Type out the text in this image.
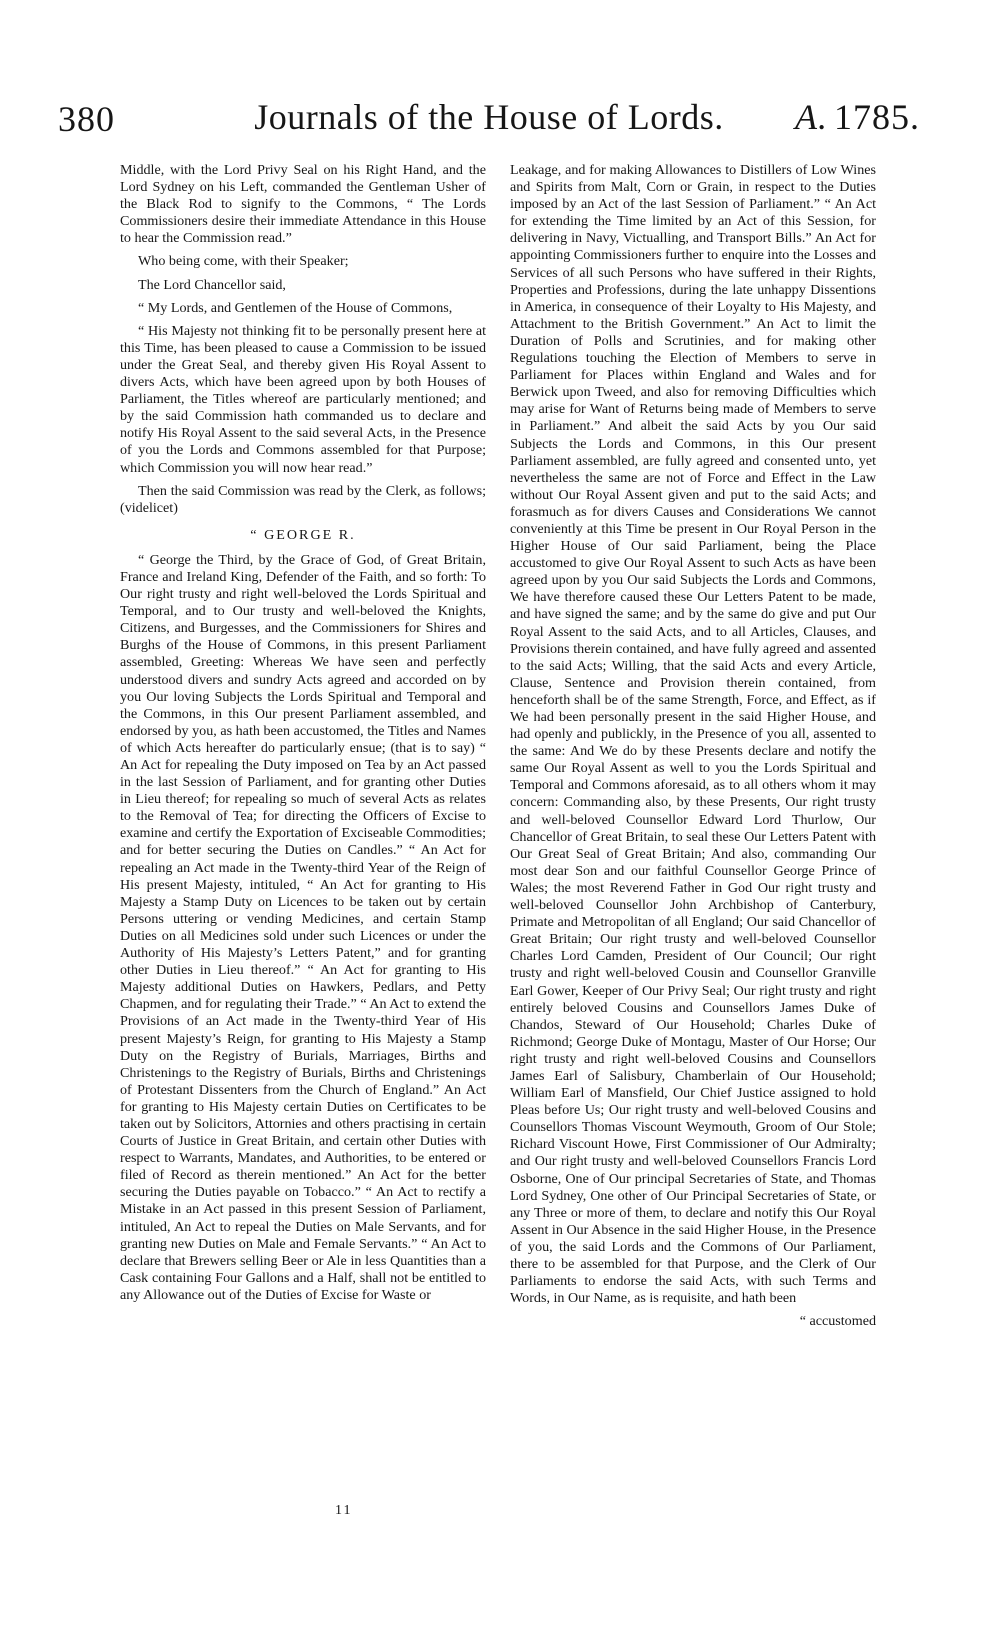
380	Journals of the House of Lords.	A. 1785.

Middle, with the Lord Privy Seal on his Right Hand, and the Lord Sydney on his Left, commanded the Gentleman Usher of the Black Rod to signify to the Commons, “ The Lords Commissioners desire their immediate Attendance in this House to hear the Commission read.”

Who being come, with their Speaker;

The Lord Chancellor said,

“ My Lords, and Gentlemen of the House of Commons,

“ His Majesty not thinking fit to be personally present here at this Time, has been pleased to cause a Commission to be issued under the Great Seal, and thereby given His Royal Assent to divers Acts, which have been agreed upon by both Houses of Parliament, the Titles whereof are particularly mentioned; and by the said Commission hath commanded us to declare and notify His Royal Assent to the said several Acts, in the Presence of you the Lords and Commons assembled for that Purpose; which Commission you will now hear read.”

Then the said Commission was read by the Clerk, as follows; (videlicet)

“ GEORGE R.

“ George the Third, by the Grace of God, of Great Britain, France and Ireland King, Defender of the Faith, and so forth: To Our right trusty and right well-beloved the Lords Spiritual and Temporal, and to Our trusty and well-beloved the Knights, Citizens, and Burgesses, and the Commissioners for Shires and Burghs of the House of Commons, in this present Parliament assembled, Greeting: Whereas We have seen and perfectly understood divers and sundry Acts agreed and accorded on by you Our loving Subjects the Lords Spiritual and Temporal and the Commons, in this Our present Parliament assembled, and endorsed by you, as hath been accustomed, the Titles and Names of which Acts hereafter do particularly ensue; (that is to say) “ An Act for repealing the Duty imposed on Tea by an Act passed in the last Session of Parliament, and for granting other Duties in Lieu thereof; for repealing so much of several Acts as relates to the Removal of Tea; for directing the Officers of Excise to examine and certify the Exportation of Exciseable Commodities; and for better securing the Duties on Candles.” “ An Act for repealing an Act made in the Twenty-third Year of the Reign of His present Majesty, intituled, “ An Act for granting to His Majesty a Stamp Duty on Licences to be taken out by certain Persons uttering or vending Medicines, and certain Stamp Duties on all Medicines sold under such Licences or under the Authority of His Majesty’s Letters Patent,” and for granting other Duties in Lieu thereof.” “ An Act for granting to His Majesty additional Duties on Hawkers, Pedlars, and Petty Chapmen, and for regulating their Trade.” “ An Act to extend the Provisions of an Act made in the Twenty-third Year of His present Majesty’s Reign, for granting to His Majesty a Stamp Duty on the Registry of Burials, Marriages, Births and Christenings to the Registry of Burials, Births and Christenings of Protestant Dissenters from the Church of England.” An Act for granting to His Majesty certain Duties on Certificates to be taken out by Solicitors, Attornies and others practising in certain Courts of Justice in Great Britain, and certain other Duties with respect to Warrants, Mandates, and Authorities, to be entered or filed of Record as therein mentioned.” An Act for the better securing the Duties payable on Tobacco.” “ An Act to rectify a Mistake in an Act passed in this present Session of Parliament, intituled, An Act to repeal the Duties on Male Servants, and for granting new Duties on Male and Female Servants.” “ An Act to declare that Brewers selling Beer or Ale in less Quantities than a Cask containing Four Gallons and a Half, shall not be entitled to any Allowance out of the Duties of Excise for Waste or

Leakage, and for making Allowances to Distillers of Low Wines and Spirits from Malt, Corn or Grain, in respect to the Duties imposed by an Act of the last Session of Parliament.” “ An Act for extending the Time limited by an Act of this Session, for delivering in Navy, Victualling, and Transport Bills.” An Act for appointing Commissioners further to enquire into the Losses and Services of all such Persons who have suffered in their Rights, Properties and Professions, during the late unhappy Dissentions in America, in consequence of their Loyalty to His Majesty, and Attachment to the British Government.” An Act to limit the Duration of Polls and Scrutinies, and for making other Regulations touching the Election of Members to serve in Parliament for Places within England and Wales and for Berwick upon Tweed, and also for removing Difficulties which may arise for Want of Returns being made of Members to serve in Parliament.” And albeit the said Acts by you Our said Subjects the Lords and Commons, in this Our present Parliament assembled, are fully agreed and consented unto, yet nevertheless the same are not of Force and Effect in the Law without Our Royal Assent given and put to the said Acts; and forasmuch as for divers Causes and Considerations We cannot conveniently at this Time be present in Our Royal Person in the Higher House of Our said Parliament, being the Place accustomed to give Our Royal Assent to such Acts as have been agreed upon by you Our said Subjects the Lords and Commons, We have therefore caused these Our Letters Patent to be made, and have signed the same; and by the same do give and put Our Royal Assent to the said Acts, and to all Articles, Clauses, and Provisions therein contained, and have fully agreed and assented to the said Acts; Willing, that the said Acts and every Article, Clause, Sentence and Provision therein contained, from henceforth shall be of the same Strength, Force, and Effect, as if We had been personally present in the said Higher House, and had openly and publickly, in the Presence of you all, assented to the same: And We do by these Presents declare and notify the same Our Royal Assent as well to you the Lords Spiritual and Temporal and Commons aforesaid, as to all others whom it may concern: Commanding also, by these Presents, Our right trusty and well-beloved Counsellor Edward Lord Thurlow, Our Chancellor of Great Britain, to seal these Our Letters Patent with Our Great Seal of Great Britain; And also, commanding Our most dear Son and our faithful Counsellor George Prince of Wales; the most Reverend Father in God Our right trusty and well-beloved Counsellor John Archbishop of Canterbury, Primate and Metropolitan of all England; Our said Chancellor of Great Britain; Our right trusty and well-beloved Counsellor Charles Lord Camden, President of Our Council; Our right trusty and right well-beloved Cousin and Counsellor Granville Earl Gower, Keeper of Our Privy Seal; Our right trusty and right entirely beloved Cousins and Counsellors James Duke of Chandos, Steward of Our Household; Charles Duke of Richmond; George Duke of Montagu, Master of Our Horse; Our right trusty and right well-beloved Cousins and Counsellors James Earl of Salisbury, Chamberlain of Our Household; William Earl of Mansfield, Our Chief Justice assigned to hold Pleas before Us; Our right trusty and well-beloved Cousins and Counsellors Thomas Viscount Weymouth, Groom of Our Stole; Richard Viscount Howe, First Commissioner of Our Admiralty; and Our right trusty and well-beloved Counsellors Francis Lord Osborne, One of Our principal Secretaries of State, and Thomas Lord Sydney, One other of Our Principal Secretaries of State, or any Three or more of them, to declare and notify this Our Royal Assent in Our Absence in the said Higher House, in the Presence of you, the said Lords and the Commons of Our Parliament, there to be assembled for that Purpose, and the Clerk of Our Parliaments to endorse the said Acts, with such Terms and Words, in Our Name, as is requisite, and hath been

“ accustomed

11
